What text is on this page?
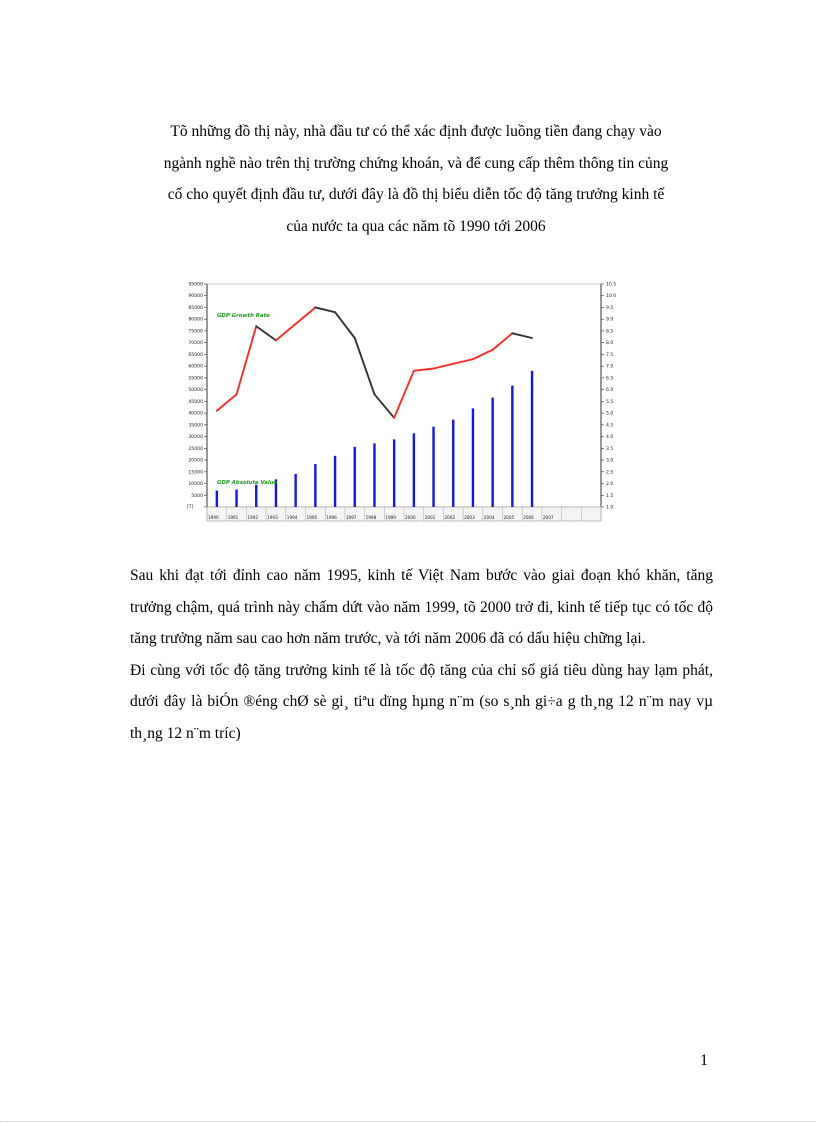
Tõ những đồ thị này, nhà đầu tư có thể xác định được luồng tiền đang chạy vào

ngành nghề nào trên thị trường chứng khoán, và để cung cấp thêm thông tin củng

cố cho quyết định đầu tư, dưới đây là đồ thị biểu diễn tốc độ tăng trưởng kinh tế

của nước ta qua các năm tõ 1990 tới 2006

95000
90000
85000
80000
75000
70000
65000
60000
55000
50000
45000
40000
35000
30000
25000
20000
15000
10000
5000
[T]
10.5
10.0
9.5
9.0
8.5
8.0
7.5
7.0
6.5
6.0
5.5
5.0
4.5
4.0
3.5
3.0
2.5
2.0
1.5
1.0
1990 1991 1992 1993 1994 1995 1996 1997 1998 1999 2000 2001 2002 2003 2004 2005 2006 2007
GDP Growth Rate
GDP Absolute Value

Sau khi đạt tới đỉnh cao năm 1995, kinh tế Việt Nam bước vào giai đoạn khó khăn, tăng trưởng chậm, quá trình này chấm dứt vào năm 1999, tõ 2000 trở đi, kinh tế tiếp tục có tốc độ tăng trưởng năm sau cao hơn năm trước, và tới năm 2006 đã có dấu hiệu chững lại.

Đi cùng với tốc độ tăng trưởng kinh tế là tốc độ tăng của chỉ số giá tiêu dùng hay lạm phát, dưới đây là biÓn ®éng chØ sè gi¸ tiªu dïng hµng n¨m (so s¸nh gi÷a g th¸ng 12 n¨m nay vµ th¸ng 12 n¨m tríc)

1
